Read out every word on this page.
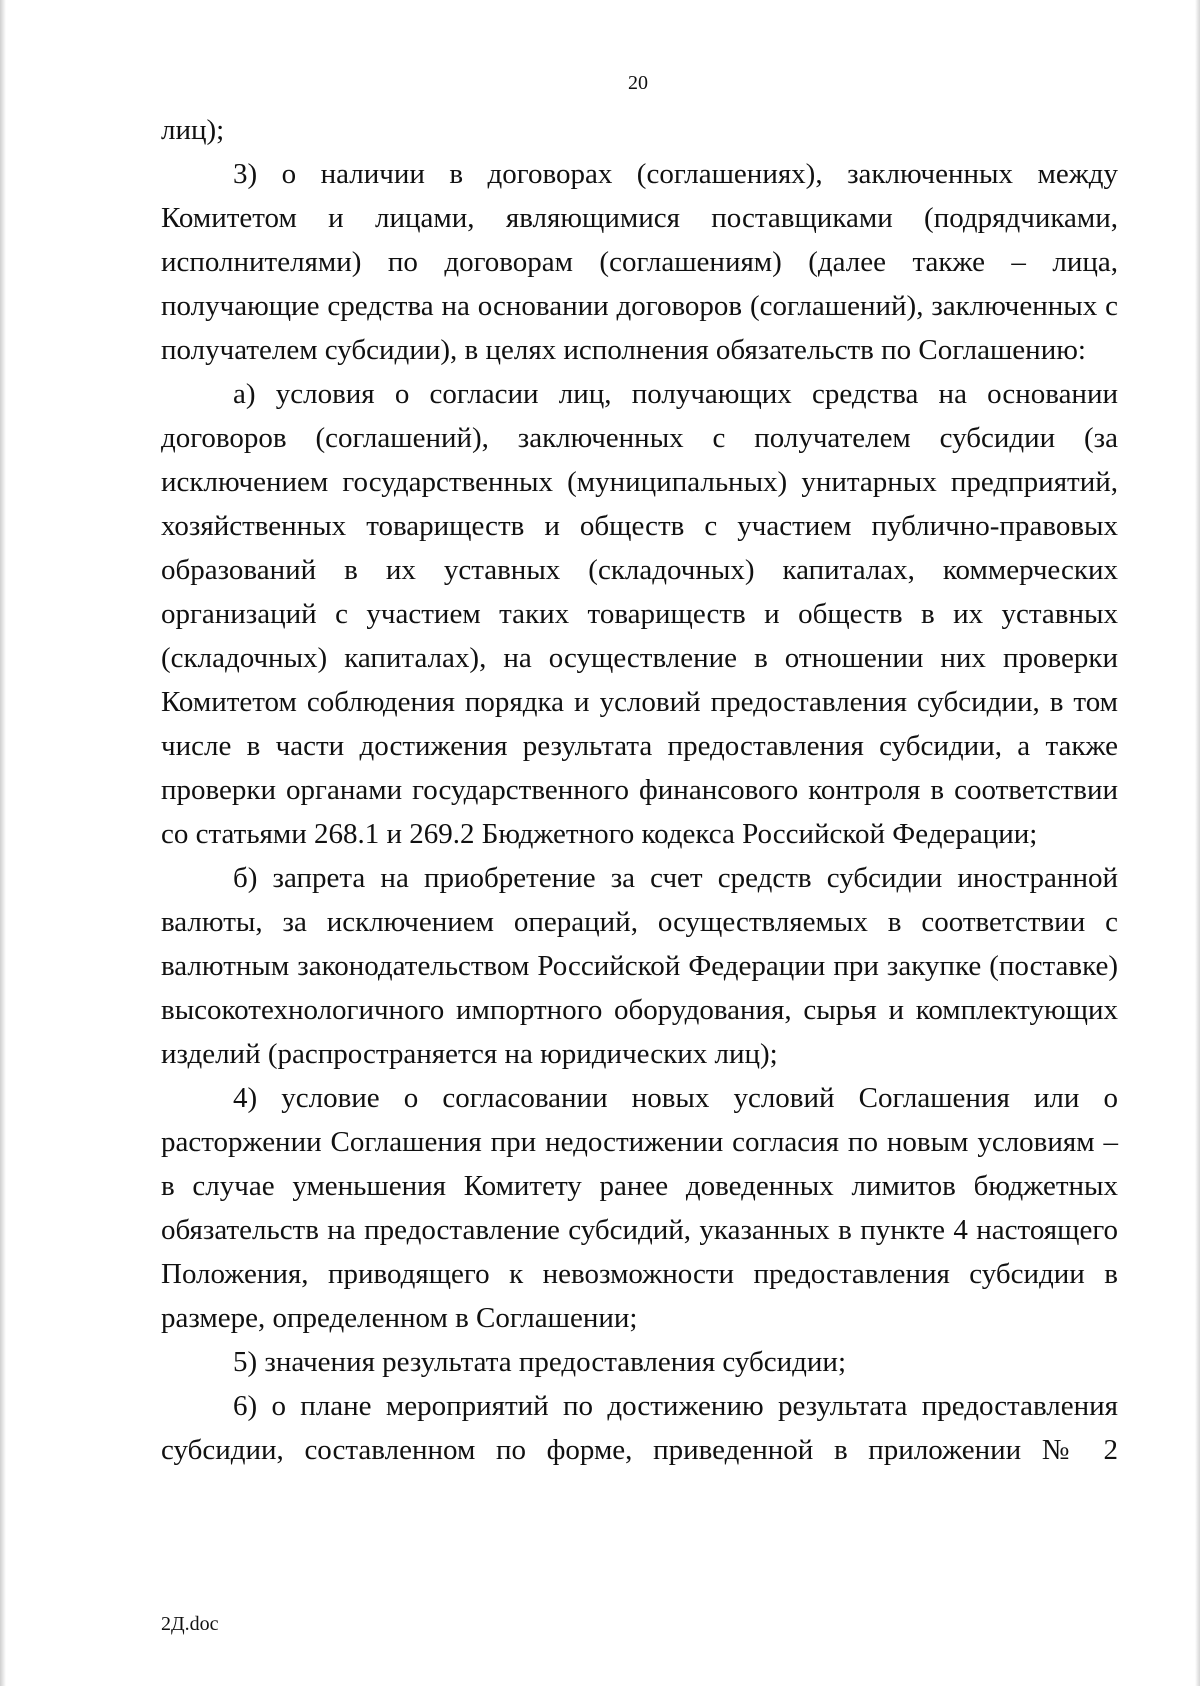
20

лиц);

3) о наличии в договорах (соглашениях), заключенных между Комитетом и лицами, являющимися поставщиками (подрядчиками, исполнителями) по договорам (соглашениям) (далее также – лица, получающие средства на основании договоров (соглашений), заключенных с получателем субсидии), в целях исполнения обязательств по Соглашению:

а) условия о согласии лиц, получающих средства на основании договоров (соглашений), заключенных с получателем субсидии (за исключением государственных (муниципальных) унитарных предприятий, хозяйственных товариществ и обществ с участием публично-правовых образований в их уставных (складочных) капиталах, коммерческих организаций с участием таких товариществ и обществ в их уставных (складочных) капиталах), на осуществление в отношении них проверки Комитетом соблюдения порядка и условий предоставления субсидии, в том числе в части достижения результата предоставления субсидии, а также проверки органами государственного финансового контроля в соответствии со статьями 268.1 и 269.2 Бюджетного кодекса Российской Федерации;

б) запрета на приобретение за счет средств субсидии иностранной валюты, за исключением операций, осуществляемых в соответствии с валютным законодательством Российской Федерации при закупке (поставке) высокотехнологичного импортного оборудования, сырья и комплектующих изделий (распространяется на юридических лиц);

4) условие о согласовании новых условий Соглашения или о расторжении Соглашения при недостижении согласия по новым условиям – в случае уменьшения Комитету ранее доведенных лимитов бюджетных обязательств на предоставление субсидий, указанных в пункте 4 настоящего Положения, приводящего к невозможности предоставления субсидии в размере, определенном в Соглашении;

5) значения результата предоставления субсидии;

6) о плане мероприятий по достижению результата предоставления субсидии, составленном по форме, приведенной в приложении № 2

2Д.doc
